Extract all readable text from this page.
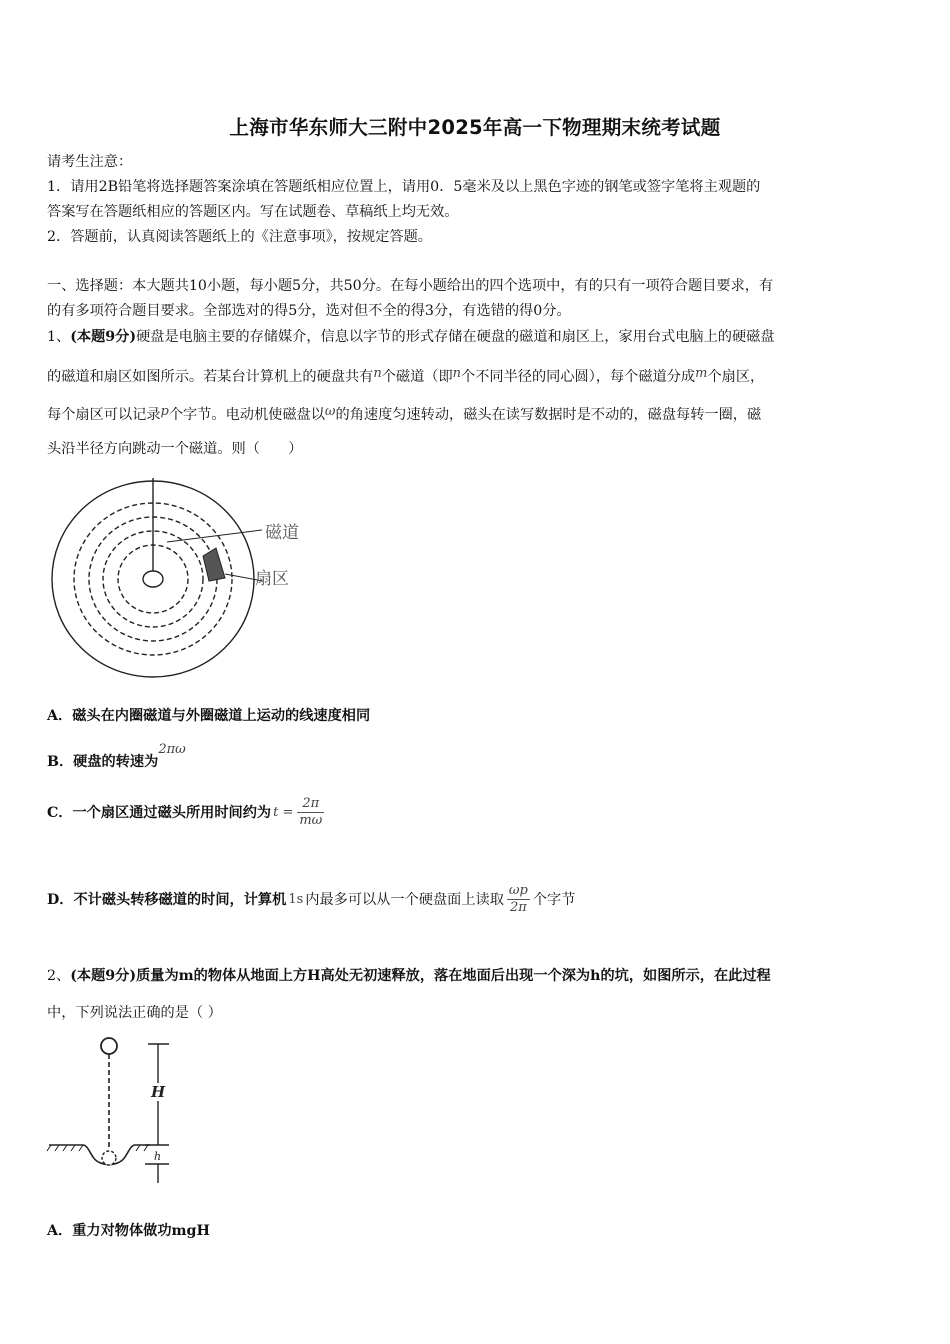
上海市华东师大三附中2025年高一下物理期末统考试题
请考生注意：
1．请用2B铅笔将选择题答案涂填在答题纸相应位置上，请用0．5毫米及以上黑色字迹的钢笔或签字笔将主观题的
答案写在答题纸相应的答题区内。写在试题卷、草稿纸上均无效。
2．答题前，认真阅读答题纸上的《注意事项》，按规定答题。
一、选择题：本大题共10小题，每小题5分，共50分。在每小题给出的四个选项中，有的只有一项符合题目要求，有
的有多项符合题目要求。全部选对的得5分，选对但不全的得3分，有选错的得0分。
1、(本题9分)硬盘是电脑主要的存储媒介，信息以字节的形式存储在硬盘的磁道和扇区上，家用台式电脑上的硬磁盘
的磁道和扇区如图所示。若某台计算机上的硬盘共有n个磁道（即n个不同半径的同心圆），每个磁道分成m个扇区，
每个扇区可以记录p个字节。电动机使磁盘以ω的角速度匀速转动，磁头在读写数据时是不动的，磁盘每转一圈，磁
头沿半径方向跳动一个磁道。则（　　）
磁道
扇区
A．磁头在内圈磁道与外圈磁道上运动的线速度相同
B．硬盘的转速为2πω
C．一个扇区通过磁头所用时间约为 $t = \frac{2\pi}{m\omega}$
D．不计磁头转移磁道的时间，计算机 1s 内最多可以从一个硬盘面上读取 $\frac{\omega p}{2\pi}$ 个字节
2、(本题9分)质量为m的物体从地面上方H高处无初速释放，落在地面后出现一个深为h的坑，如图所示，在此过程
中，下列说法正确的是（ ）
H
h
A．重力对物体做功mgH
